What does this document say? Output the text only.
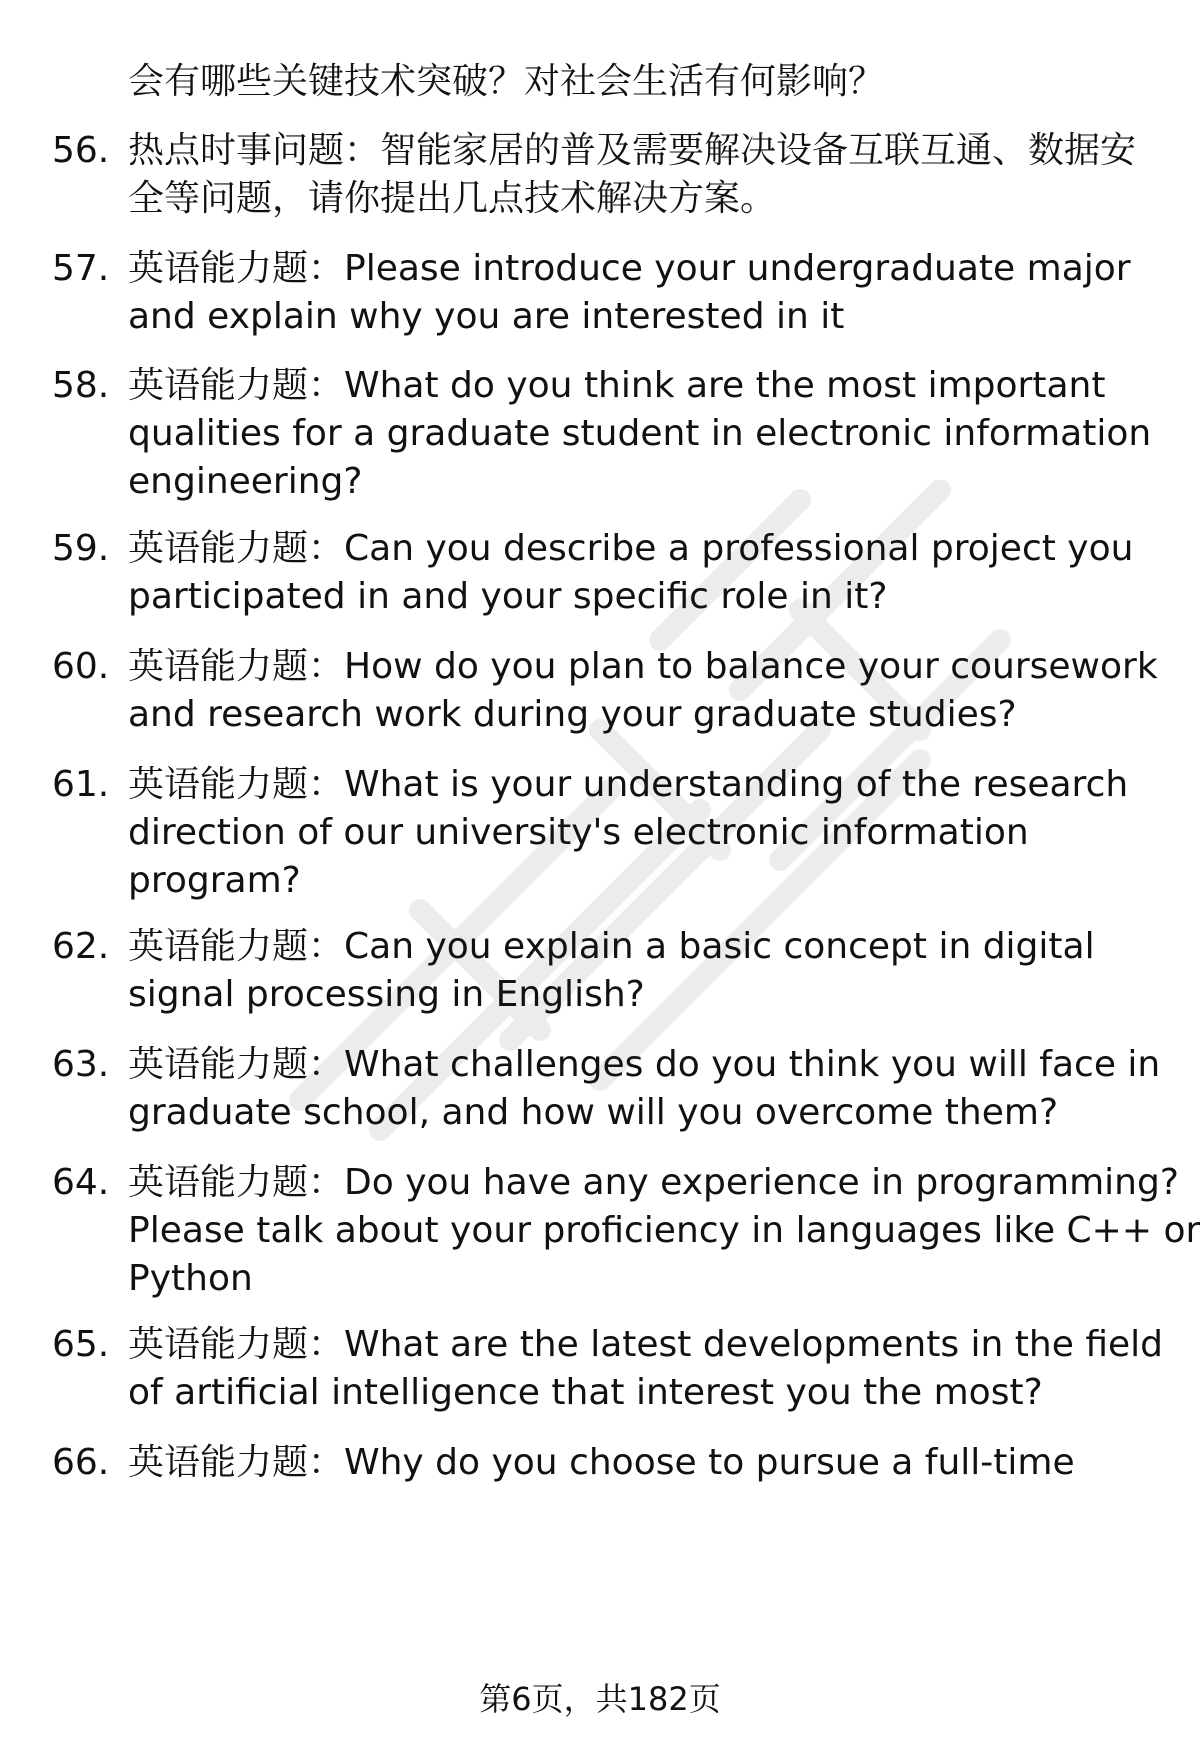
会有哪些关键技术突破？对社会生活有何影响？
56. 热点时事问题：智能家居的普及需要解决设备互联互通、数据安
全等问题，请你提出几点技术解决方案。
57. 英语能力题：Please introduce your undergraduate major
and explain why you are interested in it
58. 英语能力题：What do you think are the most important
qualities for a graduate student in electronic information
engineering?
59. 英语能力题：Can you describe a professional project you
participated in and your specific role in it?
60. 英语能力题：How do you plan to balance your coursework
and research work during your graduate studies?
61. 英语能力题：What is your understanding of the research
direction of our university's electronic information
program?
62. 英语能力题：Can you explain a basic concept in digital
signal processing in English?
63. 英语能力题：What challenges do you think you will face in
graduate school, and how will you overcome them?
64. 英语能力题：Do you have any experience in programming?
Please talk about your proficiency in languages like C++ or
Python
65. 英语能力题：What are the latest developments in the field
of artificial intelligence that interest you the most?
66. 英语能力题：Why do you choose to pursue a full-time
第6页，共182页
